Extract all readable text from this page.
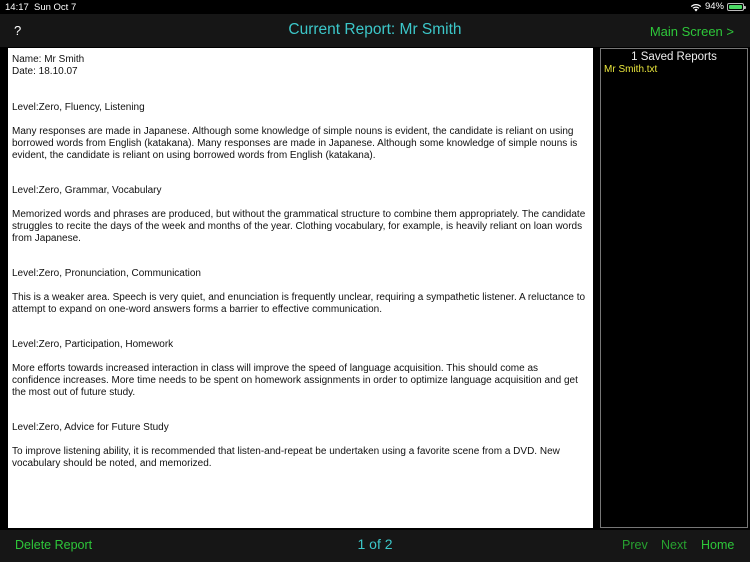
14:17 Sun Oct 7	94%
?	Current Report: Mr Smith	Main Screen >

Name: Mr Smith

Date: 18.10.07

Level:Zero, Fluency, Listening

Many responses are made in Japanese. Although some knowledge of simple nouns is evident, the candidate is reliant on using borrowed words from English (katakana). Many responses are made in Japanese. Although some knowledge of simple nouns is evident, the candidate is reliant on using borrowed words from English (katakana).

Level:Zero, Grammar, Vocabulary

Memorized words and phrases are produced, but without the grammatical structure to combine them appropriately. The candidate struggles to recite the days of the week and months of the year. Clothing vocabulary, for example, is heavily reliant on loan words from Japanese.

Level:Zero, Pronunciation, Communication

This is a weaker area. Speech is very quiet, and enunciation is frequently unclear, requiring a sympathetic listener. A reluctance to attempt to expand on one-word answers forms a barrier to effective communication.

Level:Zero, Participation, Homework

More efforts towards increased interaction in class will improve the speed of language acquisition. This should come as confidence increases. More time needs to be spent on homework assignments in order to optimize language acquisition and get the most out of future study.

Level:Zero, Advice for Future Study

To improve listening ability, it is recommended that listen-and-repeat be undertaken using a favorite scene from a DVD. New vocabulary should be noted, and memorized.

1 Saved Reports
Mr Smith.txt
Delete Report	1 of 2	Prev Next Home
